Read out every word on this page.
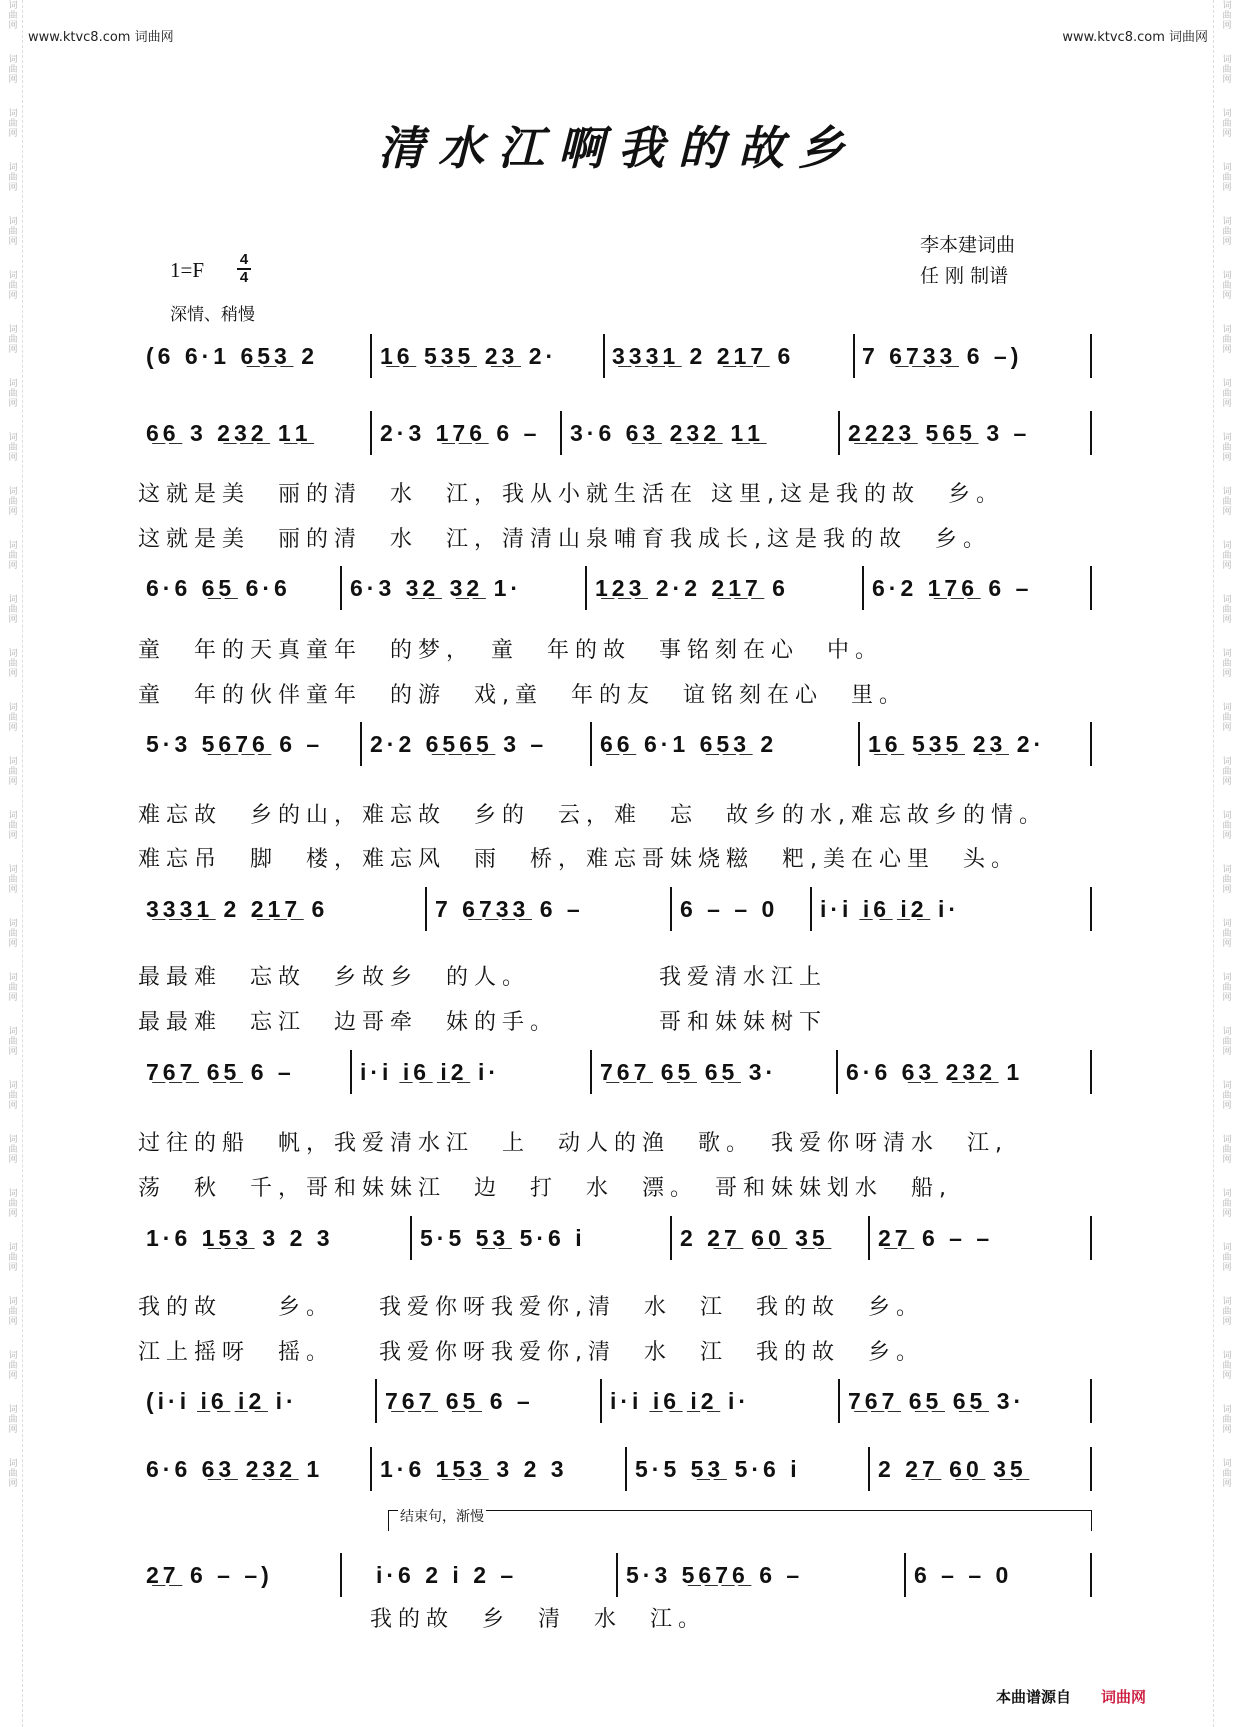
词曲网
词曲网
词曲网
词曲网
词曲网
词曲网
词曲网
词曲网
词曲网
词曲网
词曲网
词曲网
词曲网
词曲网
词曲网
词曲网
词曲网
词曲网
词曲网
词曲网
词曲网
词曲网
词曲网
词曲网
词曲网
词曲网
词曲网
词曲网
词曲网
词曲网
词曲网
词曲网
词曲网
词曲网
词曲网
词曲网
词曲网
词曲网
词曲网
词曲网
词曲网
词曲网
词曲网
词曲网
词曲网
词曲网
词曲网
词曲网
词曲网
词曲网
词曲网
词曲网
词曲网
词曲网
词曲网
词曲网
www.ktvc8.com 词曲网	www.ktvc8.com 词曲网
清水江啊我的故乡
李本建词曲
任 刚 制谱
1=F 4
4
深情、稍慢
(6 6·1 6̲5̲3̲ 2	1̲6̲ 5̲3̲5̲ 2̲3̲ 2·	3̲3̲3̲1̲ 2 2̲1̲7̲ 6	7 6̲7̲3̲3̲ 6 –)
6̲6̲ 3 2̲3̲2̲ 1̲1̲	2·3 1̲7̲6̲ 6 –	3·6 6̲3̲ 2̲3̲2̲ 1̲1̲	2̲2̲2̲3̲ 5̲6̲5̲ 3 –
6·6 6̲5̲ 6·6	6·3 3̲2̲ 3̲2̲ 1·	1̲2̲3̲ 2·2 2̲1̲7̲ 6	6·2 1̲7̲6̲ 6 –
5·3 5̲6̲7̲6̲ 6 –	2·2 6̲5̲6̲5̲ 3 –	6̲6̲ 6·1 6̲5̲3̲ 2	1̲6̲ 5̲3̲5̲ 2̲3̲ 2·
3̲3̲3̲1̲ 2 2̲1̲7̲ 6	7 6̲7̲3̲3̲ 6 –	6 – – 0	i·i i̲6̲ i̲2̲ i·
7̲6̲7̲ 6̲5̲ 6 –	i·i i̲6̲ i̲2̲ i·	7̲6̲7̲ 6̲5̲ 6̲5̲ 3·	6·6 6̲3̲ 2̲3̲2̲ 1
1·6 1̲5̲3̲ 3 2 3	5·5 5̲3̲ 5·6 i	2 2̲7̲ 6̲0̲ 3̲5̲	2̲7̲ 6 – –
(i·i i̲6̲ i̲2̲ i·	7̲6̲7̲ 6̲5̲ 6 –	i·i i̲6̲ i̲2̲ i·	7̲6̲7̲ 6̲5̲ 6̲5̲ 3·
6·6 6̲3̲ 2̲3̲2̲ 1	1·6 1̲5̲3̲ 3 2 3	5·5 5̲3̲ 5·6 i	2 2̲7̲ 6̲0̲ 3̲5̲
2̲7̲ 6 – –)	i·6 2 i 2 –	5·3 5̲6̲7̲6̲ 6 –	6 – – 0
这就是美　丽的清　水　江，我从小就生活在 这里,这是我的故　乡。
这就是美　丽的清　水　江，清清山泉哺育我成长,这是我的故　乡。
童　年的天真童年　的梦，　童　年的故　事铭刻在心　中。
童　年的伙伴童年　的游　戏,童　年的友　谊铭刻在心　里。
难忘故　乡的山，难忘故　乡的　云，难　忘　故乡的水,难忘故乡的情。
难忘吊　脚　楼，难忘风　雨　桥，难忘哥妹烧糍　粑,美在心里　头。
最最难　忘故　乡故乡　的人。　　　　　我爱清水江上
最最难　忘江　边哥牵　妹的手。　　　　哥和妹妹树下
过往的船　帆，我爱清水江　上　动人的渔　歌。　我爱你呀清水　江,
荡　秋　千，哥和妹妹江　边　打　水　漂。　哥和妹妹划水　船,
我的故　　乡。　　我爱你呀我爱你,清　水　江　我的故　乡。
江上摇呀　摇。　　我爱你呀我爱你,清　水　江　我的故　乡。
我的故　乡　清　水　江。
结束句，渐慢
本曲谱源自 词曲网
